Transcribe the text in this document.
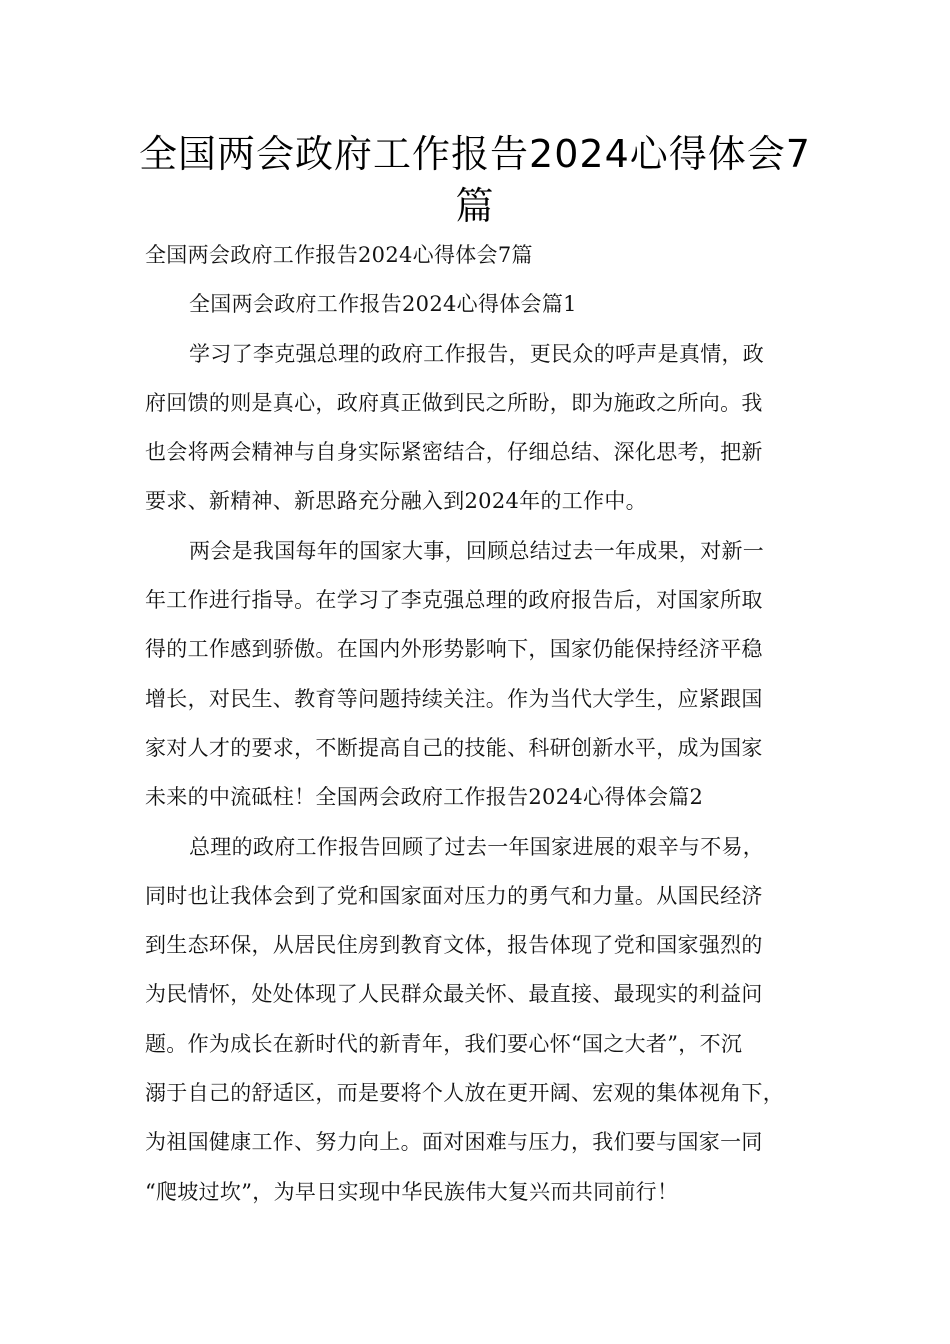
全国两会政府工作报告2024心得体会7
篇
全国两会政府工作报告2024心得体会7篇
全国两会政府工作报告2024心得体会篇1
学习了李克强总理的政府工作报告，更民众的呼声是真情，政
府回馈的则是真心，政府真正做到民之所盼，即为施政之所向。我
也会将两会精神与自身实际紧密结合，仔细总结、深化思考，把新
要求、新精神、新思路充分融入到2024年的工作中。
两会是我国每年的国家大事，回顾总结过去一年成果，对新一
年工作进行指导。在学习了李克强总理的政府报告后，对国家所取
得的工作感到骄傲。在国内外形势影响下，国家仍能保持经济平稳
增长，对民生、教育等问题持续关注。作为当代大学生，应紧跟国
家对人才的要求，不断提高自己的技能、科研创新水平，成为国家
未来的中流砥柱！全国两会政府工作报告2024心得体会篇2
总理的政府工作报告回顾了过去一年国家进展的艰辛与不易，
同时也让我体会到了党和国家面对压力的勇气和力量。从国民经济
到生态环保，从居民住房到教育文体，报告体现了党和国家强烈的
为民情怀，处处体现了人民群众最关怀、最直接、最现实的利益问
题。作为成长在新时代的新青年，我们要心怀“国之大者”，不沉
溺于自己的舒适区，而是要将个人放在更开阔、宏观的集体视角下，
为祖国健康工作、努力向上。面对困难与压力，我们要与国家一同
“爬坡过坎”，为早日实现中华民族伟大复兴而共同前行！
